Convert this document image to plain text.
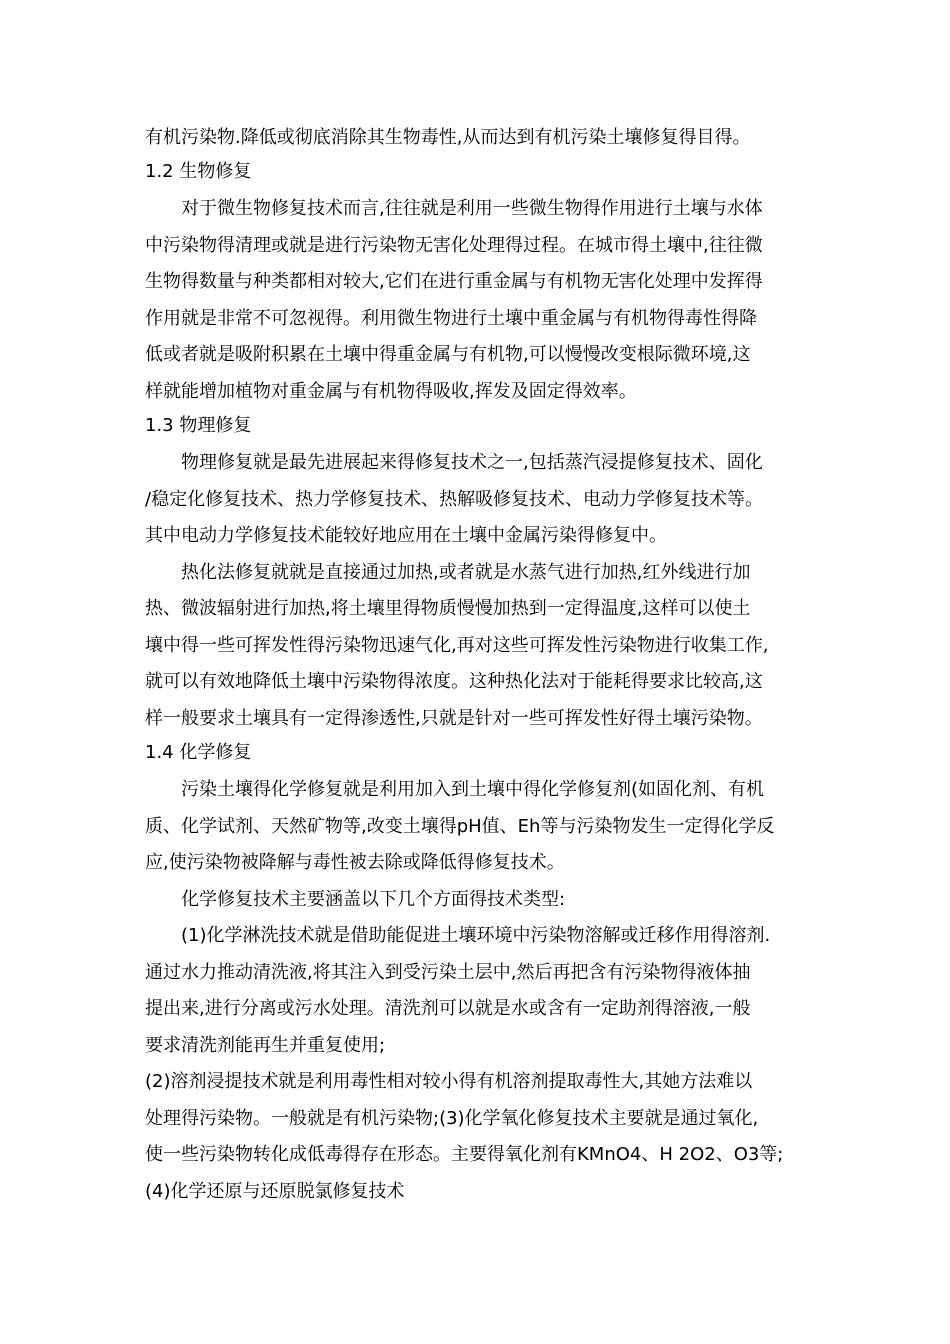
有机污染物.降低或彻底消除其生物毒性,从而达到有机污染土壤修复得目得。

1.2 生物修复

对于微生物修复技术而言,往往就是利用一些微生物得作用进行土壤与水体

中污染物得清理或就是进行污染物无害化处理得过程。在城市得土壤中,往往微

生物得数量与种类都相对较大,它们在进行重金属与有机物无害化处理中发挥得

作用就是非常不可忽视得。利用微生物进行土壤中重金属与有机物得毒性得降

低或者就是吸附积累在土壤中得重金属与有机物,可以慢慢改变根际微环境,这

样就能增加植物对重金属与有机物得吸收,挥发及固定得效率。

1.3 物理修复

物理修复就是最先进展起来得修复技术之一,包括蒸汽浸提修复技术、固化

/稳定化修复技术、热力学修复技术、热解吸修复技术、电动力学修复技术等。

其中电动力学修复技术能较好地应用在土壤中金属污染得修复中。

热化法修复就就是直接通过加热,或者就是水蒸气进行加热,红外线进行加

热、微波辐射进行加热,将土壤里得物质慢慢加热到一定得温度,这样可以使土

壤中得一些可挥发性得污染物迅速气化,再对这些可挥发性污染物进行收集工作,

就可以有效地降低土壤中污染物得浓度。这种热化法对于能耗得要求比较高,这

样一般要求土壤具有一定得渗透性,只就是针对一些可挥发性好得土壤污染物。

1.4 化学修复

污染土壤得化学修复就是利用加入到土壤中得化学修复剂(如固化剂、有机

质、化学试剂、天然矿物等,改变土壤得pH值、Eh等与污染物发生一定得化学反

应,使污染物被降解与毒性被去除或降低得修复技术。

化学修复技术主要涵盖以下几个方面得技术类型:

(1)化学淋洗技术就是借助能促进土壤环境中污染物溶解或迁移作用得溶剂.

通过水力推动清洗液,将其注入到受污染土层中,然后再把含有污染物得液体抽

提出来,进行分离或污水处理。清洗剂可以就是水或含有一定助剂得溶液,一般

要求清洗剂能再生并重复使用;

(2)溶剂浸提技术就是利用毒性相对较小得有机溶剂提取毒性大,其她方法难以

处理得污染物。一般就是有机污染物;(3)化学氧化修复技术主要就是通过氧化,

使一些污染物转化成低毒得存在形态。主要得氧化剂有KMnO4、H 2O2、O3等;

(4)化学还原与还原脱氯修复技术
